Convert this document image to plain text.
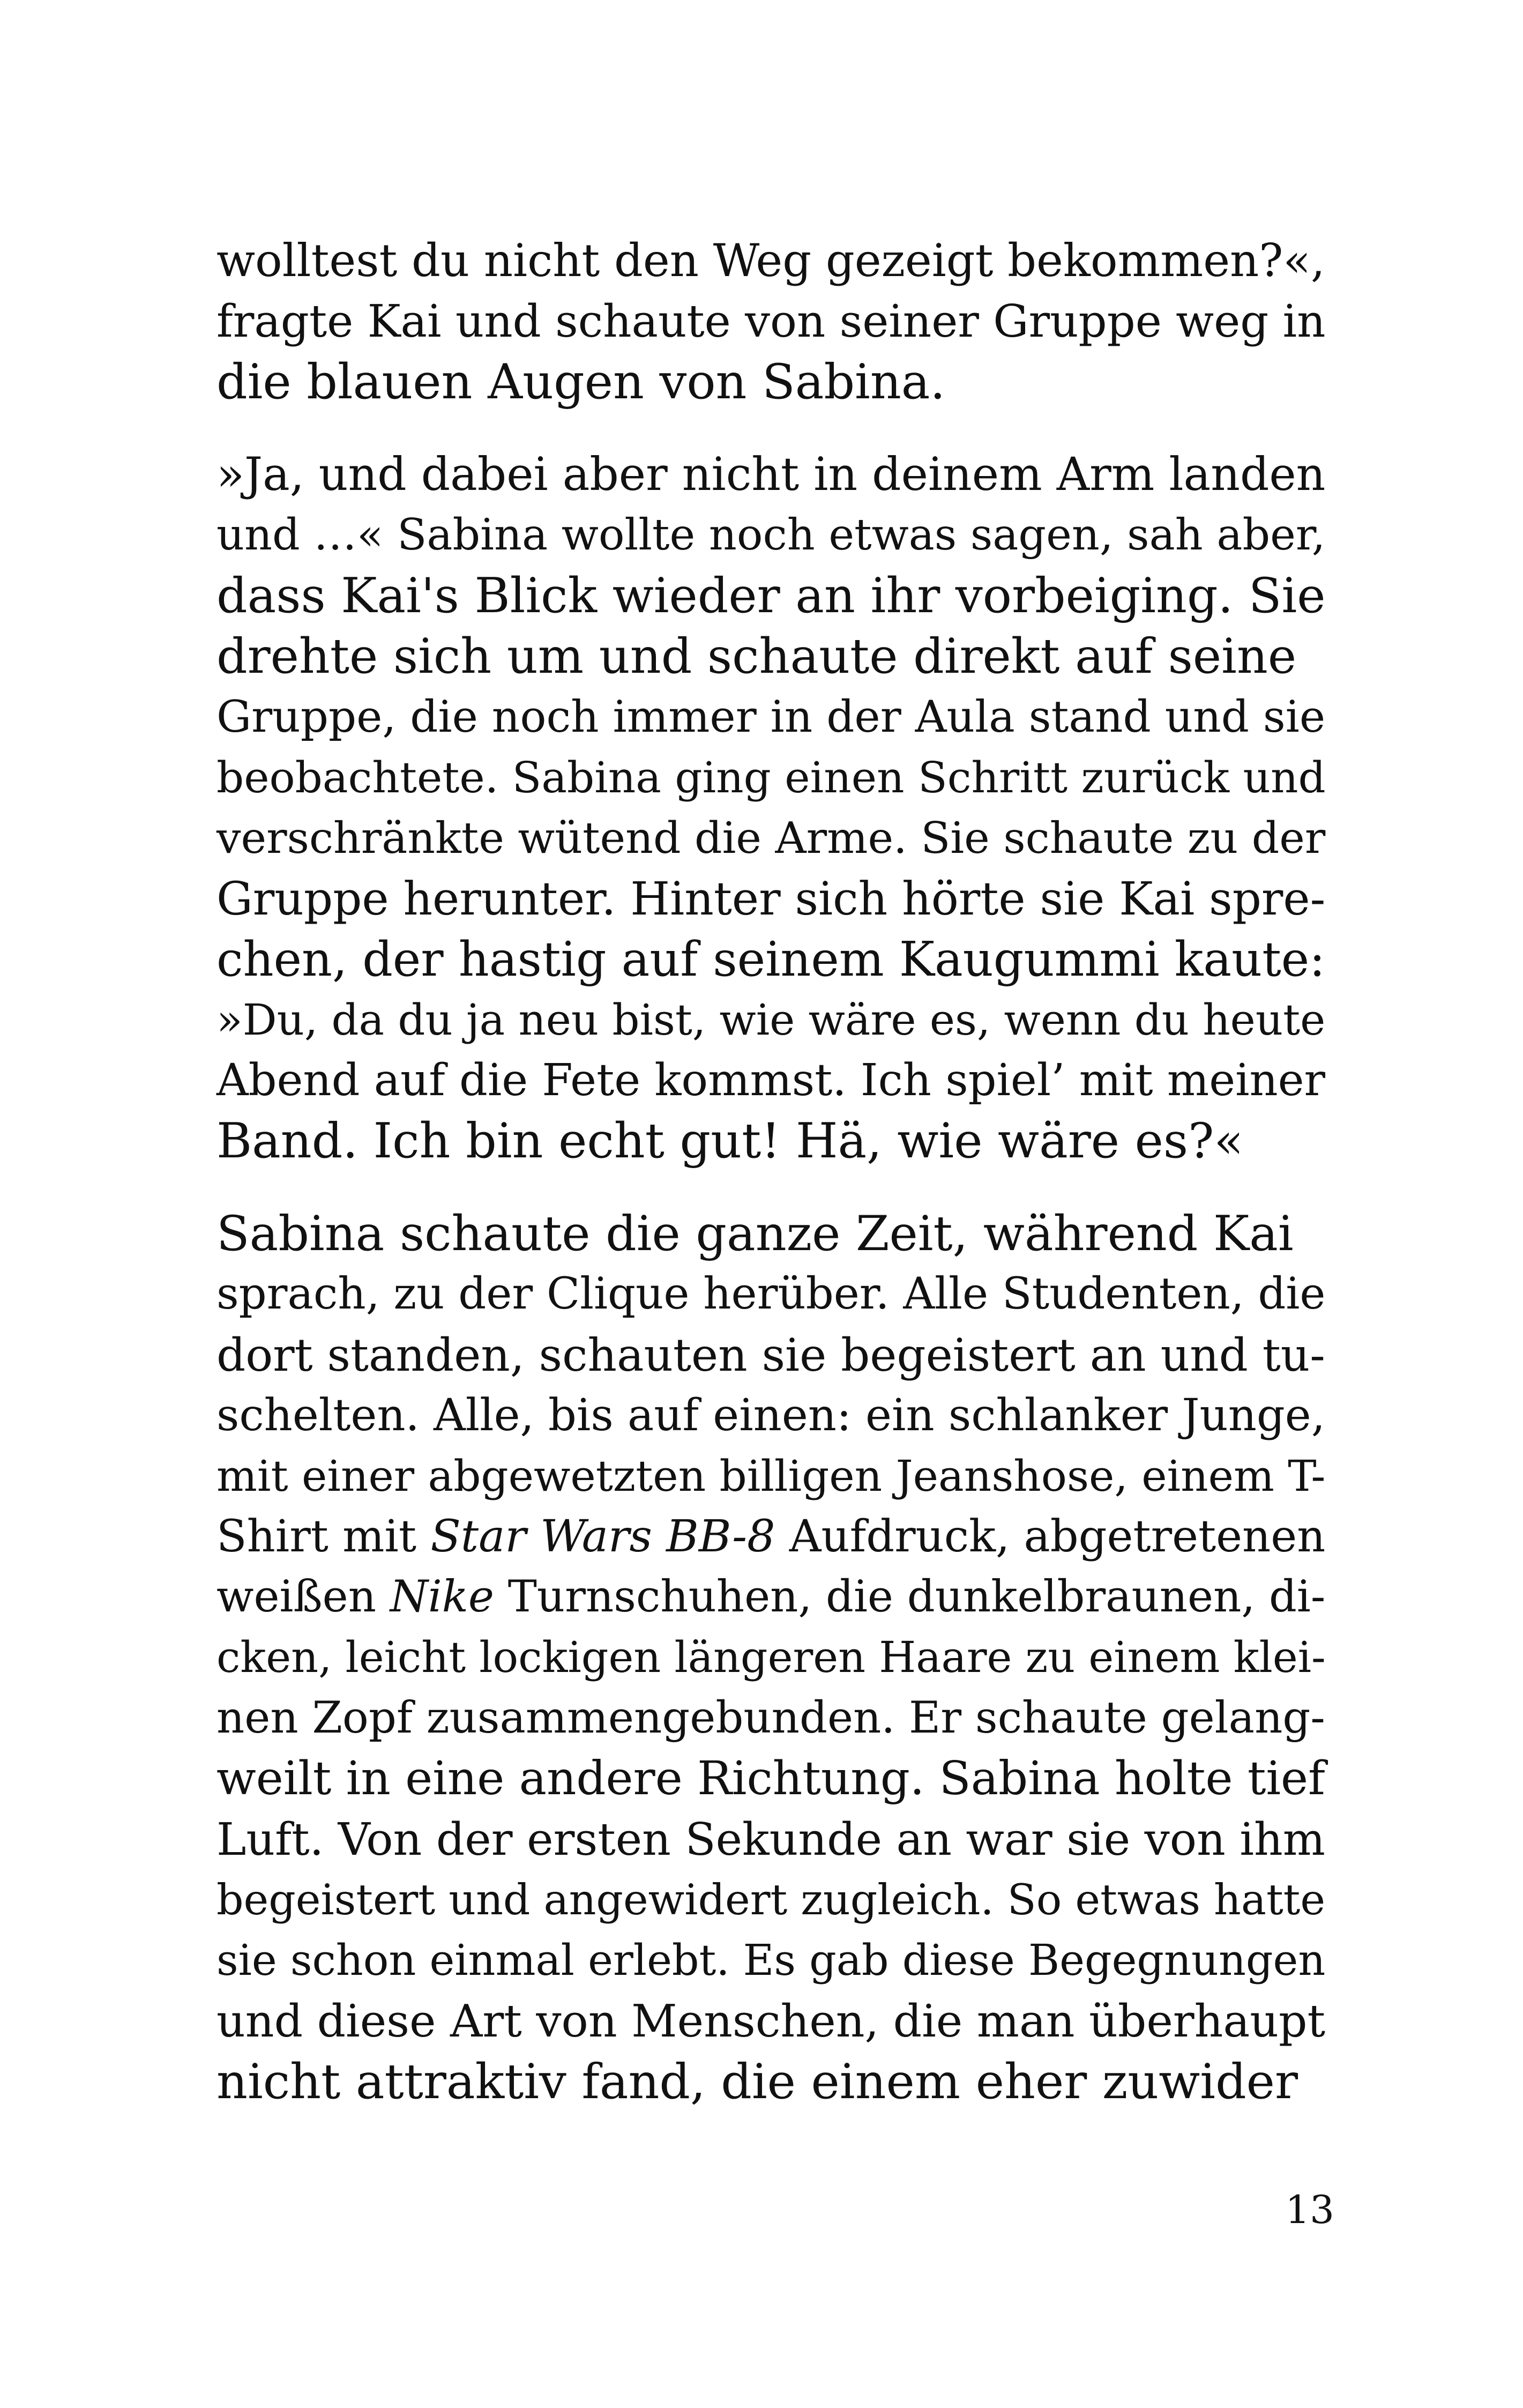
wolltest du nicht den Weg gezeigt bekommen?«,
fragte Kai und schaute von seiner Gruppe weg in
die blauen Augen von Sabina.

»Ja, und dabei aber nicht in deinem Arm landen
und …« Sabina wollte noch etwas sagen, sah aber,
dass Kai's Blick wieder an ihr vorbeiging. Sie
drehte sich um und schaute direkt auf seine
Gruppe, die noch immer in der Aula stand und sie
beobachtete. Sabina ging einen Schritt zurück und
verschränkte wütend die Arme. Sie schaute zu der
Gruppe herunter. Hinter sich hörte sie Kai spre-
chen, der hastig auf seinem Kaugummi kaute:
»Du, da du ja neu bist, wie wäre es, wenn du heute
Abend auf die Fete kommst. Ich spiel’ mit meiner
Band. Ich bin echt gut! Hä, wie wäre es?«

Sabina schaute die ganze Zeit, während Kai
sprach, zu der Clique herüber. Alle Studenten, die
dort standen, schauten sie begeistert an und tu-
schelten. Alle, bis auf einen: ein schlanker Junge,
mit einer abgewetzten billigen Jeanshose, einem T-
Shirt mit Star Wars BB-8 Aufdruck, abgetretenen
weißen Nike Turnschuhen, die dunkelbraunen, di-
cken, leicht lockigen längeren Haare zu einem klei-
nen Zopf zusammengebunden. Er schaute gelang-
weilt in eine andere Richtung. Sabina holte tief
Luft. Von der ersten Sekunde an war sie von ihm
begeistert und angewidert zugleich. So etwas hatte
sie schon einmal erlebt. Es gab diese Begegnungen
und diese Art von Menschen, die man überhaupt
nicht attraktiv fand, die einem eher zuwider

13
